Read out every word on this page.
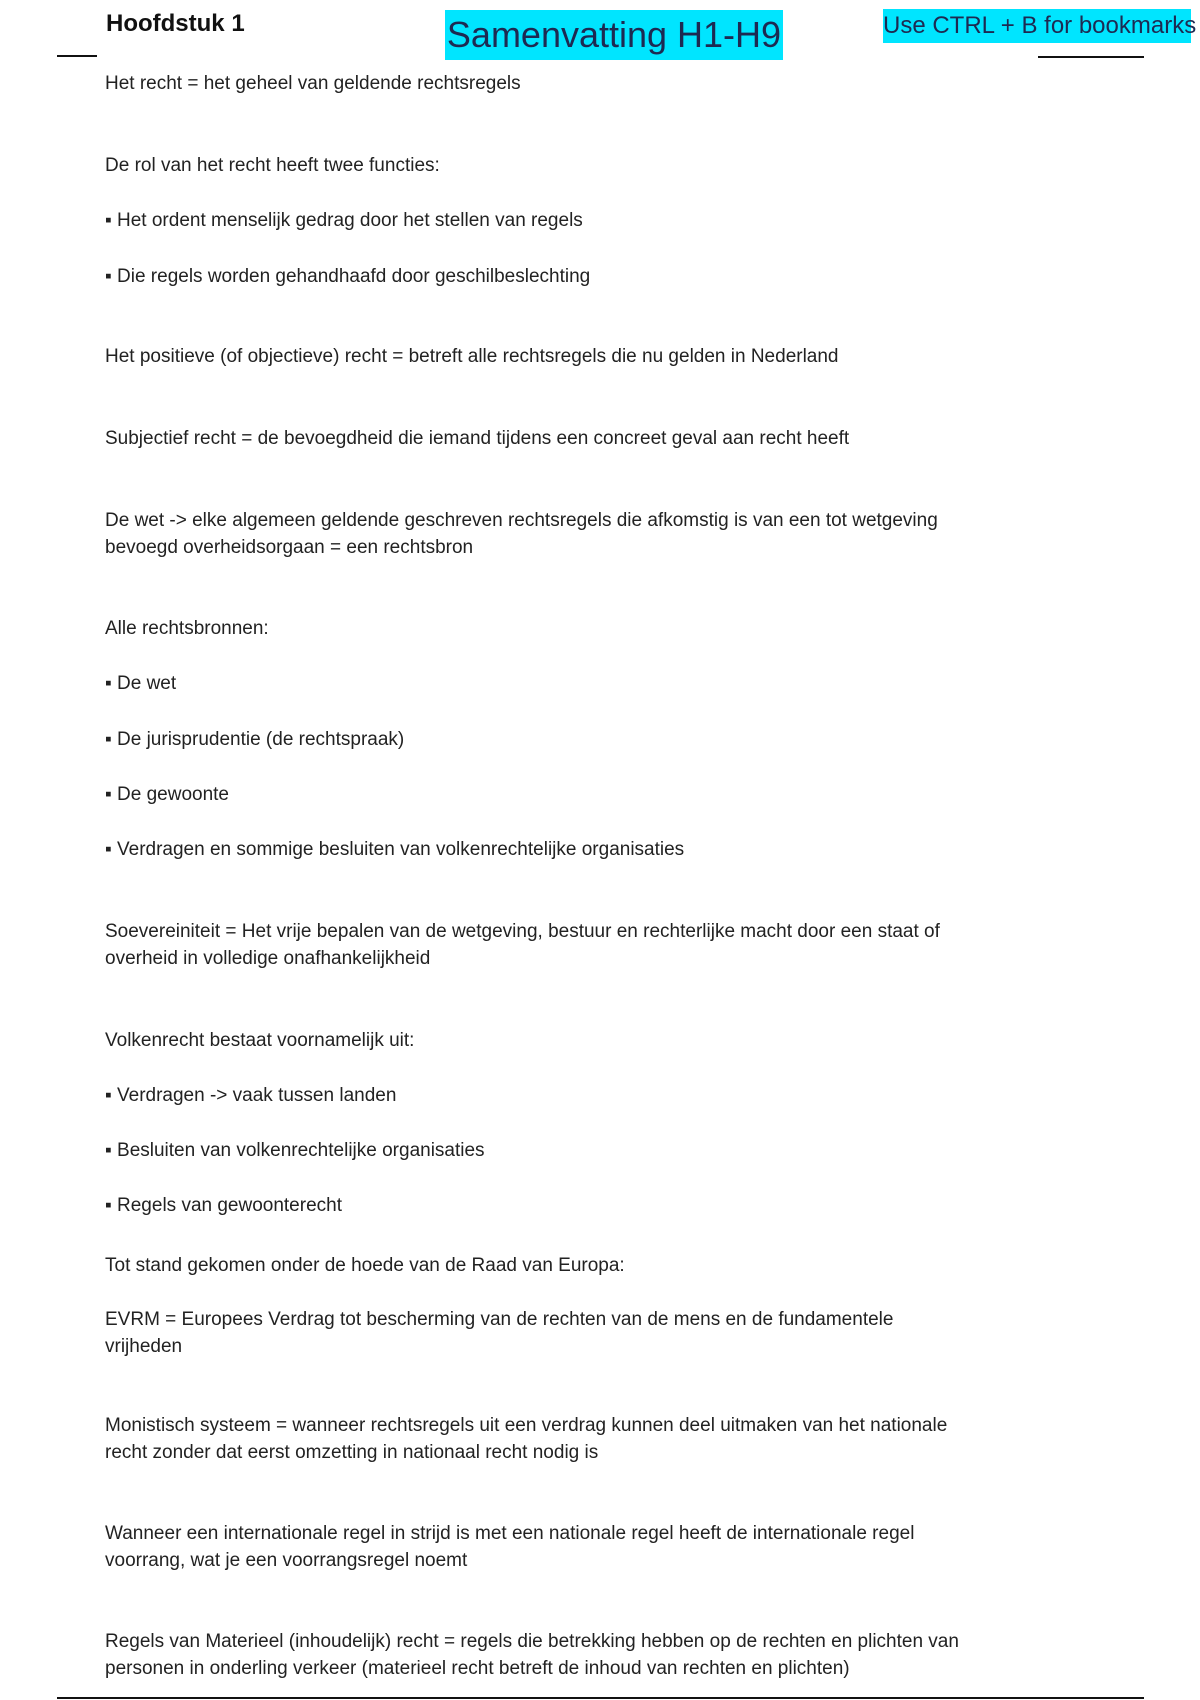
Hoofdstuk 1	Samenvatting H1-H9	Use CTRL + B for bookmarks
Het recht = het geheel van geldende rechtsregels
De rol van het recht heeft twee functies:
▪ Het ordent menselijk gedrag door het stellen van regels
▪ Die regels worden gehandhaafd door geschilbeslechting
Het positieve (of objectieve) recht = betreft alle rechtsregels die nu gelden in Nederland
Subjectief recht = de bevoegdheid die iemand tijdens een concreet geval aan recht heeft
De wet -> elke algemeen geldende geschreven rechtsregels die afkomstig is van een tot wetgeving
bevoegd overheidsorgaan = een rechtsbron
Alle rechtsbronnen:
▪ De wet
▪ De jurisprudentie (de rechtspraak)
▪ De gewoonte
▪ Verdragen en sommige besluiten van volkenrechtelijke organisaties
Soevereiniteit = Het vrije bepalen van de wetgeving, bestuur en rechterlijke macht door een staat of
overheid in volledige onafhankelijkheid
Volkenrecht bestaat voornamelijk uit:
▪ Verdragen -> vaak tussen landen
▪ Besluiten van volkenrechtelijke organisaties
▪ Regels van gewoonterecht
Tot stand gekomen onder de hoede van de Raad van Europa:
EVRM = Europees Verdrag tot bescherming van de rechten van de mens en de fundamentele
vrijheden
Monistisch systeem = wanneer rechtsregels uit een verdrag kunnen deel uitmaken van het nationale
recht zonder dat eerst omzetting in nationaal recht nodig is
Wanneer een internationale regel in strijd is met een nationale regel heeft de internationale regel
voorrang, wat je een voorrangsregel noemt
Regels van Materieel (inhoudelijk) recht = regels die betrekking hebben op de rechten en plichten van
personen in onderling verkeer (materieel recht betreft de inhoud van rechten en plichten)
